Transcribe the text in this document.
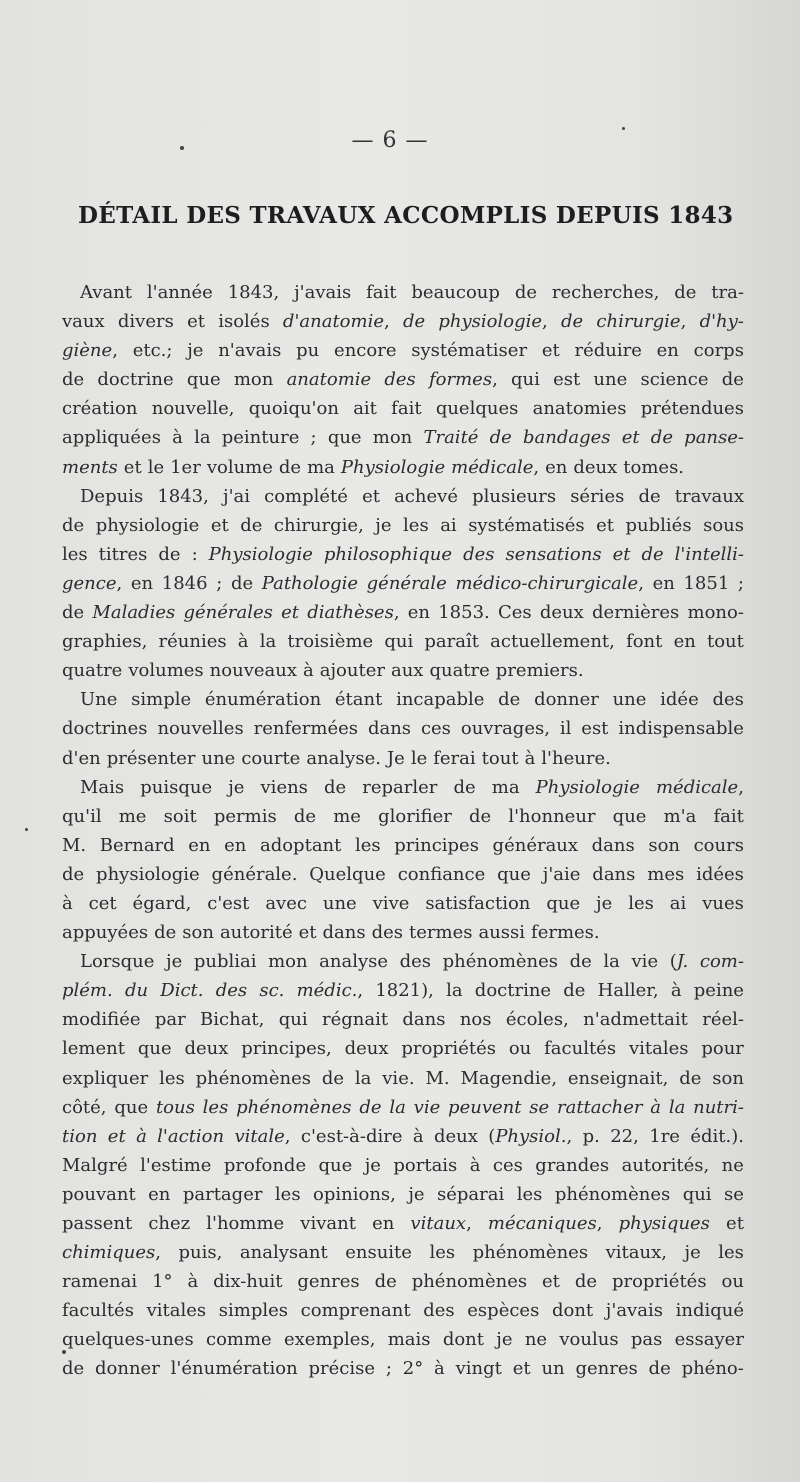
— 6 —
DÉTAIL DES TRAVAUX ACCOMPLIS DEPUIS 1843
Avant l'année 1843, j'avais fait beaucoup de recherches, de tra-
vaux divers et isolés d'anatomie, de physiologie, de chirurgie, d'hy-
giène, etc.; je n'avais pu encore systématiser et réduire en corps
de doctrine que mon anatomie des formes, qui est une science de
création nouvelle, quoiqu'on ait fait quelques anatomies prétendues
appliquées à la peinture ; que mon Traité de bandages et de panse-
ments et le 1er volume de ma Physiologie médicale, en deux tomes.
Depuis 1843, j'ai complété et achevé plusieurs séries de travaux
de physiologie et de chirurgie, je les ai systématisés et publiés sous
les titres de : Physiologie philosophique des sensations et de l'intelli-
gence, en 1846 ; de Pathologie générale médico-chirurgicale, en 1851 ;
de Maladies générales et diathèses, en 1853. Ces deux dernières mono-
graphies, réunies à la troisième qui paraît actuellement, font en tout
quatre volumes nouveaux à ajouter aux quatre premiers.
Une simple énumération étant incapable de donner une idée des
doctrines nouvelles renfermées dans ces ouvrages, il est indispensable
d'en présenter une courte analyse. Je le ferai tout à l'heure.
Mais puisque je viens de reparler de ma Physiologie médicale,
qu'il me soit permis de me glorifier de l'honneur que m'a fait
M. Bernard en en adoptant les principes généraux dans son cours
de physiologie générale. Quelque confiance que j'aie dans mes idées
à cet égard, c'est avec une vive satisfaction que je les ai vues
appuyées de son autorité et dans des termes aussi fermes.
Lorsque je publiai mon analyse des phénomènes de la vie (J. com-
plém. du Dict. des sc. médic., 1821), la doctrine de Haller, à peine
modifiée par Bichat, qui régnait dans nos écoles, n'admettait réel-
lement que deux principes, deux propriétés ou facultés vitales pour
expliquer les phénomènes de la vie. M. Magendie, enseignait, de son
côté, que tous les phénomènes de la vie peuvent se rattacher à la nutri-
tion et à l'action vitale, c'est-à-dire à deux (Physiol., p. 22, 1re édit.).
Malgré l'estime profonde que je portais à ces grandes autorités, ne
pouvant en partager les opinions, je séparai les phénomènes qui se
passent chez l'homme vivant en vitaux, mécaniques, physiques et
chimiques, puis, analysant ensuite les phénomènes vitaux, je les
ramenai 1° à dix-huit genres de phénomènes et de propriétés ou
facultés vitales simples comprenant des espèces dont j'avais indiqué
quelques-unes comme exemples, mais dont je ne voulus pas essayer
de donner l'énumération précise ; 2° à vingt et un genres de phéno-
